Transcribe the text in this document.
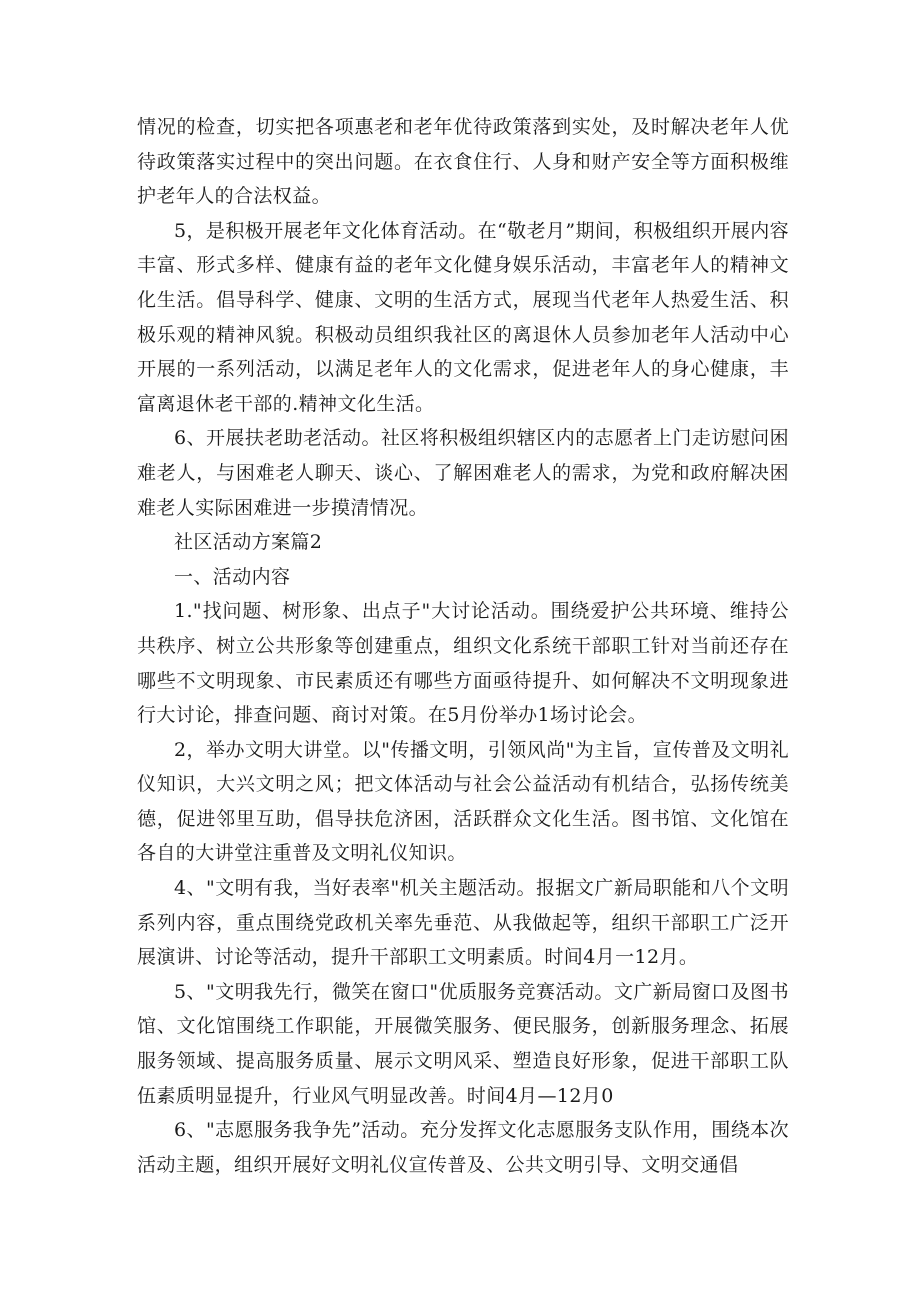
情况的检查，切实把各项惠老和老年优待政策落到实处，及时解决老年人优待政策落实过程中的突出问题。在衣食住行、人身和财产安全等方面积极维护老年人的合法权益。

5，是积极开展老年文化体育活动。在“敬老月”期间，积极组织开展内容丰富、形式多样、健康有益的老年文化健身娱乐活动，丰富老年人的精神文化生活。倡导科学、健康、文明的生活方式，展现当代老年人热爱生活、积极乐观的精神风貌。积极动员组织我社区的离退休人员参加老年人活动中心开展的一系列活动，以满足老年人的文化需求，促进老年人的身心健康，丰富离退休老干部的.精神文化生活。

6、开展扶老助老活动。社区将积极组织辖区内的志愿者上门走访慰问困难老人，与困难老人聊天、谈心、了解困难老人的需求，为党和政府解决困难老人实际困难进一步摸清情况。

社区活动方案篇2

一、活动内容

1."找问题、树形象、出点子"大讨论活动。围绕爱护公共环境、维持公共秩序、树立公共形象等创建重点，组织文化系统干部职工针对当前还存在哪些不文明现象、市民素质还有哪些方面亟待提升、如何解决不文明现象进行大讨论，排查问题、商讨对策。在5月份举办1场讨论会。

2，举办文明大讲堂。以"传播文明，引领风尚"为主旨，宣传普及文明礼仪知识，大兴文明之风；把文体活动与社会公益活动有机结合，弘扬传统美德，促进邻里互助，倡导扶危济困，活跃群众文化生活。图书馆、文化馆在各自的大讲堂注重普及文明礼仪知识。

4、"文明有我，当好表率"机关主题活动。报据文广新局职能和八个文明系列内容，重点围绕党政机关率先垂范、从我做起等，组织干部职工广泛开展演讲、讨论等活动，提升干部职工文明素质。时间4月一12月。

5、"文明我先行，微笑在窗口"优质服务竞赛活动。文广新局窗口及图书馆、文化馆围绕工作职能，开展微笑服务、便民服务，创新服务理念、拓展服务领域、提高服务质量、展示文明风采、塑造良好形象，促进干部职工队伍素质明显提升，行业风气明显改善。时间4月—12月0

6、"志愿服务我争先”活动。充分发挥文化志愿服务支队作用，围绕本次活动主题，组织开展好文明礼仪宣传普及、公共文明引导、文明交通倡
